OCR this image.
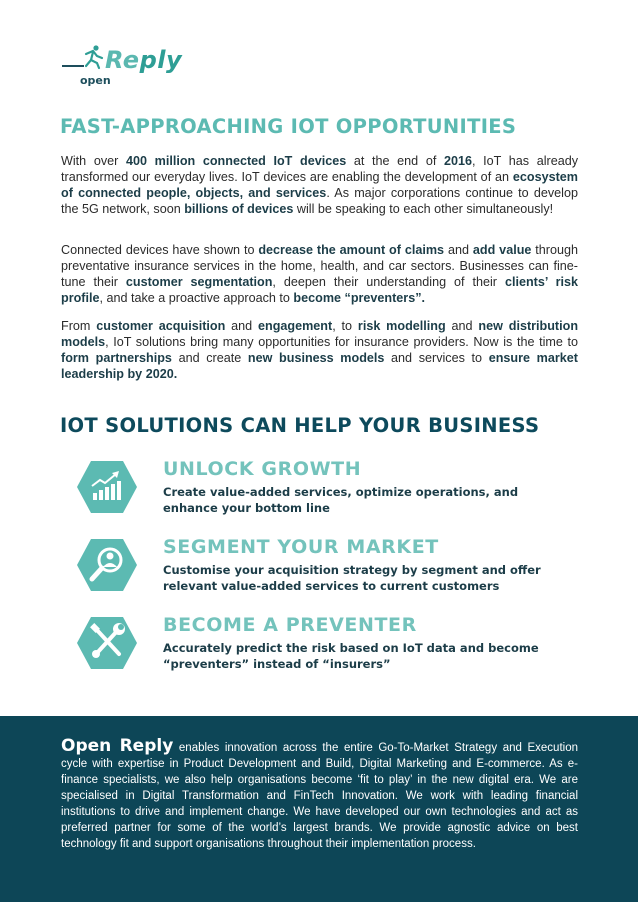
Reply
open
FAST-APPROACHING IOT OPPORTUNITIES

With over 400 million connected IoT devices at the end of 2016, IoT has already transformed our everyday lives. IoT devices are enabling the development of an ecosystem of connected people, objects, and services. As major corporations continue to develop the 5G network, soon billions of devices will be speaking to each other simultaneously!

Connected devices have shown to decrease the amount of claims and add value through preventative insurance services in the home, health, and car sectors. Businesses can fine-tune their customer segmentation, deepen their understanding of their clients’ risk profile, and take a proactive approach to become “preventers”.

From customer acquisition and engagement, to risk modelling and new distribution models, IoT solutions bring many opportunities for insurance providers. Now is the time to form partnerships and create new business models and services to ensure market leadership by 2020.

IOT SOLUTIONS CAN HELP YOUR BUSINESS
UNLOCK GROWTH
Create value-added services, optimize operations, and enhance your bottom line
SEGMENT YOUR MARKET
Customise your acquisition strategy by segment and offer relevant value-added services to current customers
BECOME A PREVENTER
Accurately predict the risk based on IoT data and become “preventers” instead of “insurers”

Open Reply enables innovation across the entire Go-To-Market Strategy and Execution cycle with expertise in Product Development and Build, Digital Marketing and E-commerce. As e-finance specialists, we also help organisations become ‘fit to play’ in the new digital era. We are specialised in Digital Transformation and FinTech Innovation. We work with leading financial institutions to drive and implement change. We have developed our own technologies and act as preferred partner for some of the world’s largest brands. We provide agnostic advice on best technology fit and support organisations throughout their implementation process.
